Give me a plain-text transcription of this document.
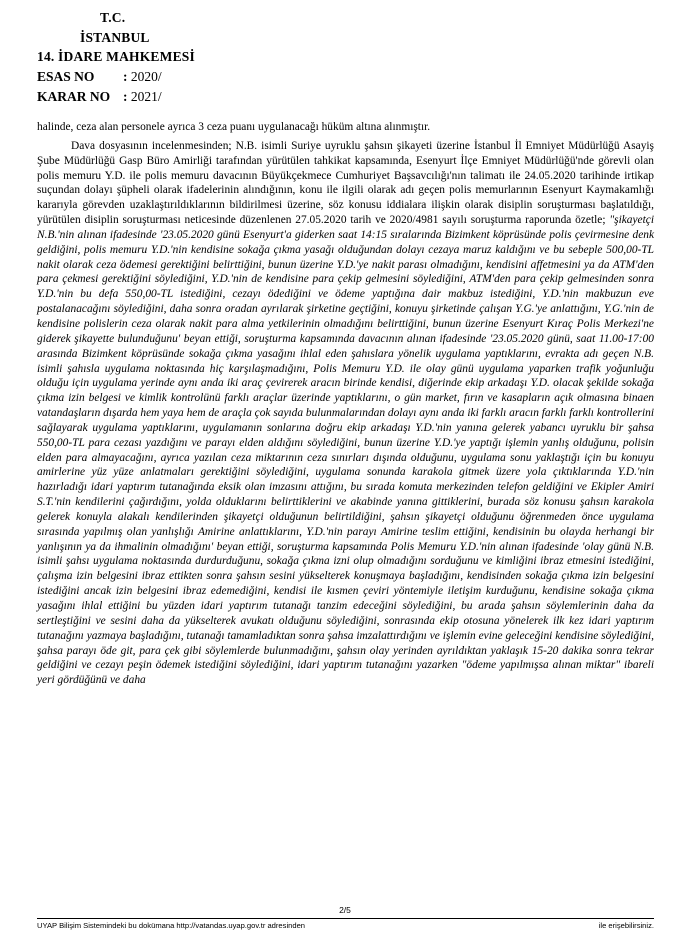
T.C.
İSTANBUL
14. İDARE MAHKEMESİ
ESAS NO : 2020/
KARAR NO : 2021/

halinde, ceza alan personele ayrıca 3 ceza puanı uygulanacağı hüküm altına alınmıştır.

Dava dosyasının incelenmesinden; N.B. isimli Suriye uyruklu şahsın şikayeti üzerine İstanbul İl Emniyet Müdürlüğü Asayiş Şube Müdürlüğü Gasp Büro Amirliği tarafından yürütülen tahkikat kapsamında, Esenyurt İlçe Emniyet Müdürlüğü'nde görevli olan polis memuru Y.D. ile polis memuru davacının Büyükçekmece Cumhuriyet Başsavcılığı'nın talimatı ile 24.05.2020 tarihinde irtikap suçundan dolayı şüpheli olarak ifadelerinin alındığının, konu ile ilgili olarak adı geçen polis memurlarının Esenyurt Kaymakamlığı kararıyla görevden uzaklaştırıldıklarının bildirilmesi üzerine, söz konusu iddialara ilişkin olarak disiplin soruşturması başlatıldığı, yürütülen disiplin soruşturması neticesinde düzenlenen 27.05.2020 tarih ve 2020/4981 sayılı soruşturma raporunda özetle; "şikayetçi N.B.'nin alınan ifadesinde '23.05.2020 günü Esenyurt'a giderken saat 14:15 sıralarında Bizimkent köprüsünde polis çevirmesine denk geldiğini, polis memuru Y.D.'nin kendisine sokağa çıkma yasağı olduğundan dolayı cezaya maruz kaldığını ve bu sebeple 500,00-TL nakit olarak ceza ödemesi gerektiğini belirttiğini, bunun üzerine Y.D.'ye nakit parası olmadığını, kendisini affetmesini ya da ATM'den para çekmesi gerektiğini söylediğini, Y.D.'nin de kendisine para çekip gelmesini söylediğini, ATM'den para çekip gelmesinden sonra Y.D.'nin bu defa 550,00-TL istediğini, cezayı ödediğini ve ödeme yaptığına dair makbuz istediğini, Y.D.'nin makbuzun eve postalanacağını söylediğini, daha sonra oradan ayrılarak şirketine geçtiğini, konuyu şirketinde çalışan Y.G.'ye anlattığını, Y.G.'nin de kendisine polislerin ceza olarak nakit para alma yetkilerinin olmadığını belirttiğini, bunun üzerine Esenyurt Kıraç Polis Merkezi'ne giderek şikayette bulunduğunu' beyan ettiği, soruşturma kapsamında davacının alınan ifadesinde '23.05.2020 günü, saat 11.00-17:00 arasında Bizimkent köprüsünde sokağa çıkma yasağını ihlal eden şahıslara yönelik uygulama yaptıklarını, evrakta adı geçen N.B. isimli şahısla uygulama noktasında hiç karşılaşmadığını, Polis Memuru Y.D. ile olay günü uygulama yaparken trafik yoğunluğu olduğu için uygulama yerinde aynı anda iki araç çevirerek aracın birinde kendisi, diğerinde ekip arkadaşı Y.D. olacak şekilde sokağa çıkma izin belgesi ve kimlik kontrolünü farklı araçlar üzerinde yaptıklarını, o gün market, fırın ve kasapların açık olmasına binaen vatandaşların dışarda hem yaya hem de araçla çok sayıda bulunmalarından dolayı aynı anda iki farklı aracın farklı farklı kontrollerini sağlayarak uygulama yaptıklarını, uygulamanın sonlarına doğru ekip arkadaşı Y.D.'nin yanına gelerek yabancı uyruklu bir şahsa 550,00-TL para cezası yazdığını ve parayı elden aldığını söylediğini, bunun üzerine Y.D.'ye yaptığı işlemin yanlış olduğunu, polisin elden para almayacağını, ayrıca yazılan ceza miktarının ceza sınırları dışında olduğunu, uygulama sonu yaklaştığı için bu konuyu amirlerine yüz yüze anlatmaları gerektiğini söylediğini, uygulama sonunda karakola gitmek üzere yola çıktıklarında Y.D.'nin hazırladığı idari yaptırım tutanağında eksik olan imzasını attığını, bu sırada komuta merkezinden telefon geldiğini ve Ekipler Amiri S.T.'nin kendilerini çağırdığını, yolda olduklarını belirttiklerini ve akabinde yanına gittiklerini, burada söz konusu şahsın karakola gelerek konuyla alakalı kendilerinden şikayetçi olduğunun belirtildiğini, şahsın şikayetçi olduğunu öğrenmeden önce uygulama sırasında yapılmış olan yanlışlığı Amirine anlattıklarını, Y.D.'nin parayı Amirine teslim ettiğini, kendisinin bu olayda herhangi bir yanlışının ya da ihmalinin olmadığını' beyan ettiği, soruşturma kapsamında Polis Memuru Y.D.'nin alınan ifadesinde 'olay günü N.B. isimli şahsı uygulama noktasında durdurduğunu, sokağa çıkma izni olup olmadığını sorduğunu ve kimliğini ibraz etmesini istediğini, çalışma izin belgesini ibraz ettikten sonra şahsın sesini yükselterek konuşmaya başladığını, kendisinden sokağa çıkma izin belgesini istediğini ancak izin belgesini ibraz edemediğini, kendisi ile kısmen çeviri yöntemiyle iletişim kurduğunu, kendisine sokağa çıkma yasağını ihlal ettiğini bu yüzden idari yaptırım tutanağı tanzim edeceğini söylediğini, bu arada şahsın söylemlerinin daha da sertleştiğini ve sesini daha da yükselterek avukatı olduğunu söylediğini, sonrasında ekip otosuna yönelerek ilk kez idari yaptırım tutanağını yazmaya başladığını, tutanağı tamamladıktan sonra şahsa imzalattırdığını ve işlemin evine geleceğini kendisine söylediğini, şahsa parayı öde git, para çek gibi söylemlerde bulunmadığını, şahsın olay yerinden ayrıldıktan yaklaşık 15-20 dakika sonra tekrar geldiğini ve cezayı peşin ödemek istediğini söylediğini, idari yaptırım tutanağını yazarken "ödeme yapılmışsa alınan miktar" ibareli yeri gördüğünü ve daha

2/5
UYAP Bilişim Sistemindeki bu dokümana http://vatandas.uyap.gov.tr adresinden	ile erişebilirsiniz.
